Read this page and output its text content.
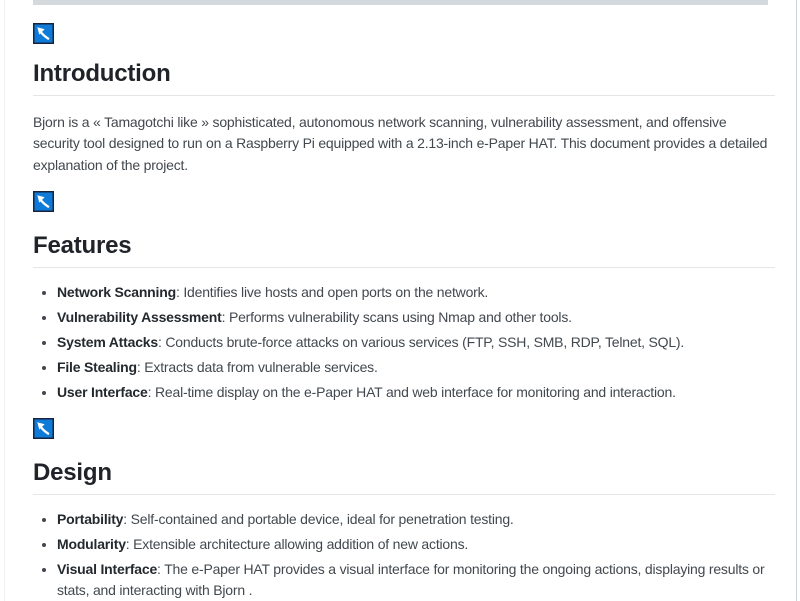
Introduction

Bjorn is a « Tamagotchi like » sophisticated, autonomous network scanning, vulnerability assessment, and offensive security tool designed to run on a Raspberry Pi equipped with a 2.13-inch e-Paper HAT. This document provides a detailed explanation of the project.

Features
• Network Scanning: Identifies live hosts and open ports on the network.
• Vulnerability Assessment: Performs vulnerability scans using Nmap and other tools.
• System Attacks: Conducts brute-force attacks on various services (FTP, SSH, SMB, RDP, Telnet, SQL).
• File Stealing: Extracts data from vulnerable services.
• User Interface: Real-time display on the e-Paper HAT and web interface for monitoring and interaction.
Design
• Portability: Self-contained and portable device, ideal for penetration testing.
• Modularity: Extensible architecture allowing addition of new actions.
• Visual Interface: The e-Paper HAT provides a visual interface for monitoring the ongoing actions, displaying results or stats, and interacting with Bjorn .
